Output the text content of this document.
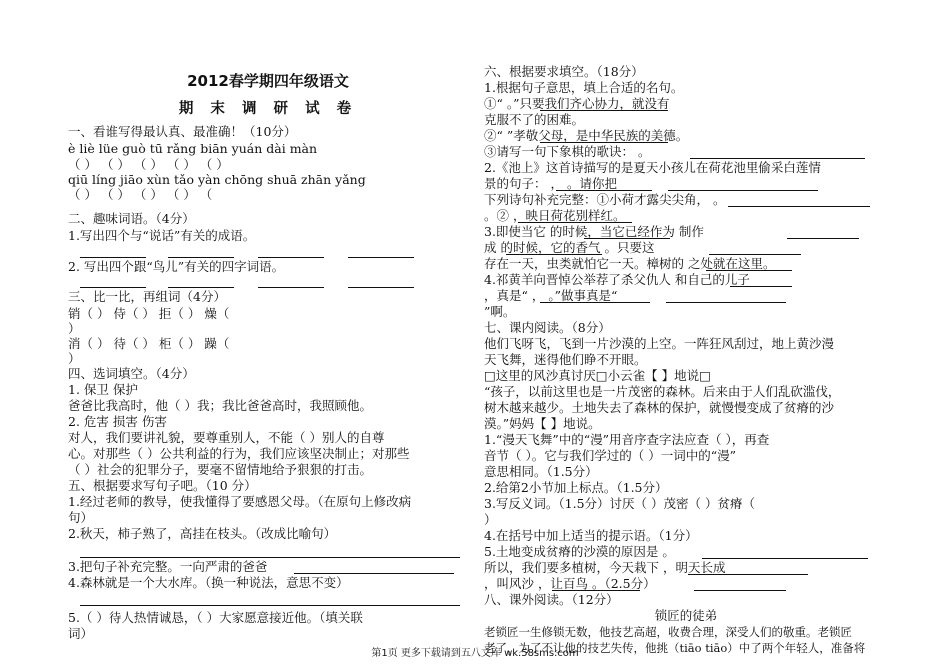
2012春学期四年级语文
期 末 调 研 试 卷
一、看谁写得最认真、最准确！（10分）
è liè lüe guò tū rǎng biān yuán dài màn
（ ） （ ） （ ） （ ） （ ）
qiū líng jiāo xùn tǎo yàn chōng shuā zhān yǎng
（ ） （ ） （ ） （ ） （
二、趣味词语。（4分）
1.写出四个与“说话”有关的成语。
2. 写出四个跟“鸟儿”有关的四字词语。
三、比一比，再组词（4分）
销（ ） 侍（ ） 拒（ ） 燥（
）
消（ ） 待（ ） 柜（ ） 躁（
）
四、选词填空。（4分）
1. 保卫 保护
爸爸比我高时，他（ ）我；我比爸爸高时，我照顾他。
2. 危害 损害 伤害
对人，我们要讲礼貌，要尊重别人，不能（ ）别人的自尊
心。对那些（ ）公共利益的行为，我们应该坚决制止；对那些
（ ）社会的犯罪分子，要毫不留情地给予狠狠的打击。
五、根据要求写句子吧。（10 分）
1.经过老师的教导，使我懂得了要感恩父母。（在原句上修改病
句）
2.秋天，柿子熟了，高挂在枝头。（改成比喻句）
3.把句子补充完整。一向严肃的爸爸
4.森林就是一个大水库。（换一种说法，意思不变）
5.（ ）待人热情诚恳，（ ）大家愿意接近他。（填关联
词）
六、根据要求填空。（18分）
1.根据句子意思，填上合适的名句。
①“ 。”只要我们齐心协力，就没有
克服不了的困难。
②“ ”孝敬父母，是中华民族的美德。
③请写一句下象棋的歌诀： 。
2.《池上》这首诗描写的是夏天小孩儿在荷花池里偷采白莲情
景的句子： ， 。请你把
下列诗句补充完整：①小荷才露尖尖角， 。
。② ，映日荷花别样红。
3.即使当它 的时候，当它已经作为 制作
成 的时候，它的香气 。只要这
存在一天，虫类就怕它一天。樟树的 之处就在这里。
4.祁黄羊向晋悼公举荐了杀父仇人 和自己的儿子
，真是“ ， 。”做事真是“
”啊。
七、课内阅读。（8分）
他们飞呀飞，飞到一片沙漠的上空。一阵狂风刮过，地上黄沙漫
天飞舞，迷得他们睁不开眼。
□这里的风沙真讨厌□小云雀【 】地说□
“孩子，以前这里也是一片茂密的森林。后来由于人们乱砍滥伐，
树木越来越少。土地失去了森林的保护，就慢慢变成了贫瘠的沙
漠。”妈妈【 】地说。
1.“漫天飞舞”中的“漫”用音序查字法应查（ ），再查
音节（ ）。它与我们学过的（ ）一词中的“漫”
意思相同。（1.5分）
2.给第2小节加上标点。（1.5分）
3.写反义词。（1.5分）讨厌（ ）茂密（ ）贫瘠（
）
4.在括号中加上适当的提示语。（1分）
5.土地变成贫瘠的沙漠的原因是 。
所以，我们要多植树，今天栽下 ，明天长成
，叫风沙 ，让百鸟 。（2.5分）
八、课外阅读。（12分）
锁匠的徒弟
老锁匠一生修锁无数，他技艺高超，收费合理，深受人们的敬重。老锁匠
老了，为了不让他的技艺失传，他挑（tiāo tiāo）中了两个年轻人，准备将
第1页 更多下载请到五八文库 wk.58sms.com
